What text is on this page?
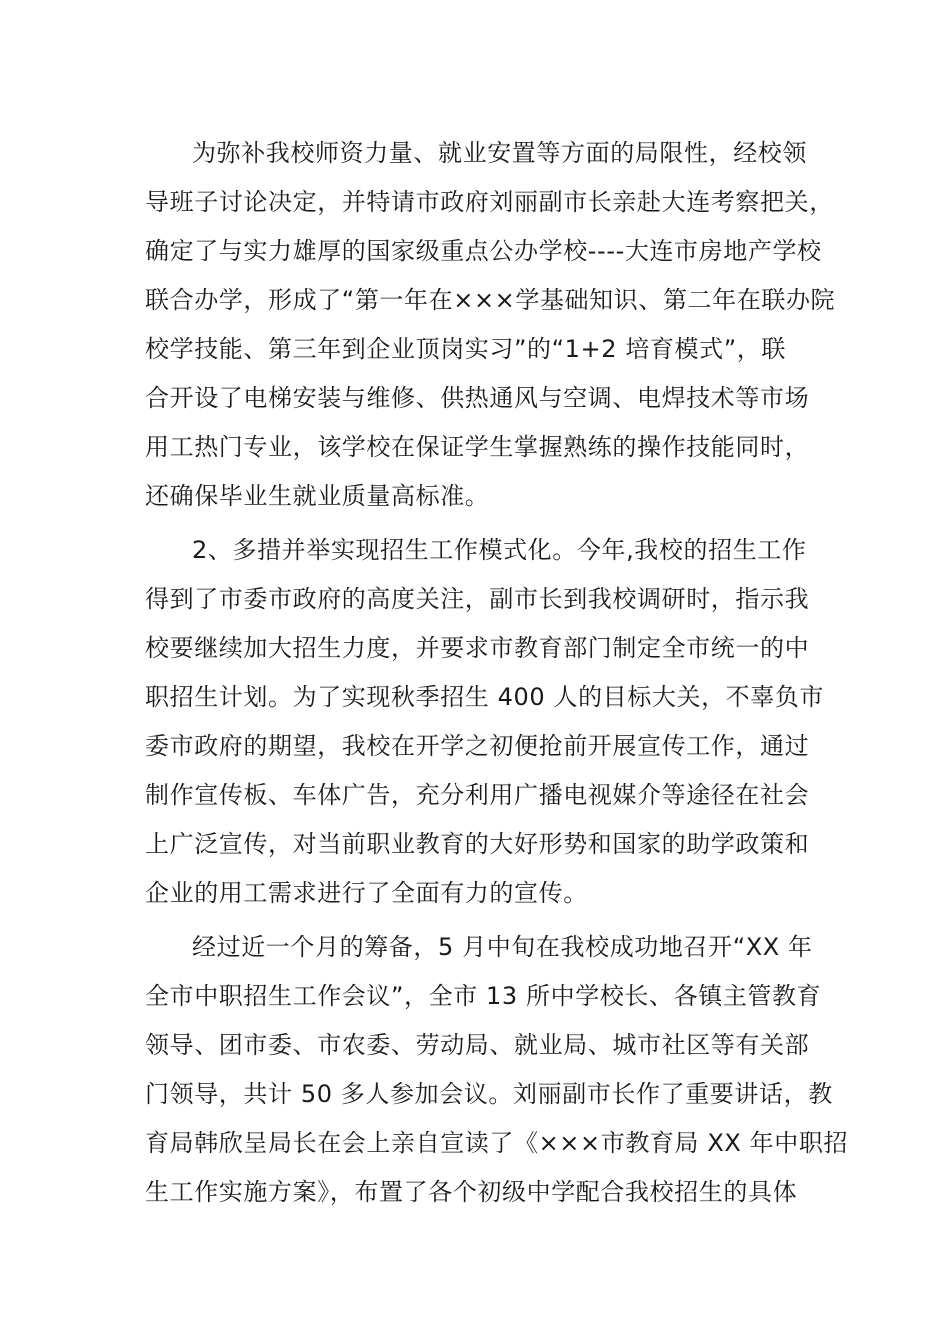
为弥补我校师资力量、就业安置等方面的局限性，经校领
导班子讨论决定，并特请市政府刘丽副市长亲赴大连考察把关，
确定了与实力雄厚的国家级重点公办学校----大连市房地产学校
联合办学，形成了“第一年在×××学基础知识、第二年在联办院
校学技能、第三年到企业顶岗实习”的“1+2 培育模式”，联
合开设了电梯安装与维修、供热通风与空调、电焊技术等市场
用工热门专业，该学校在保证学生掌握熟练的操作技能同时，
还确保毕业生就业质量高标准。
2、多措并举实现招生工作模式化。今年,我校的招生工作
得到了市委市政府的高度关注，副市长到我校调研时，指示我
校要继续加大招生力度，并要求市教育部门制定全市统一的中
职招生计划。为了实现秋季招生 400 人的目标大关，不辜负市
委市政府的期望，我校在开学之初便抢前开展宣传工作，通过
制作宣传板、车体广告，充分利用广播电视媒介等途径在社会
上广泛宣传，对当前职业教育的大好形势和国家的助学政策和
企业的用工需求进行了全面有力的宣传。
经过近一个月的筹备，5 月中旬在我校成功地召开“XX 年
全市中职招生工作会议”，全市 13 所中学校长、各镇主管教育
领导、团市委、市农委、劳动局、就业局、城市社区等有关部
门领导，共计 50 多人参加会议。刘丽副市长作了重要讲话，教
育局韩欣呈局长在会上亲自宣读了《×××市教育局 XX 年中职招
生工作实施方案》，布置了各个初级中学配合我校招生的具体
